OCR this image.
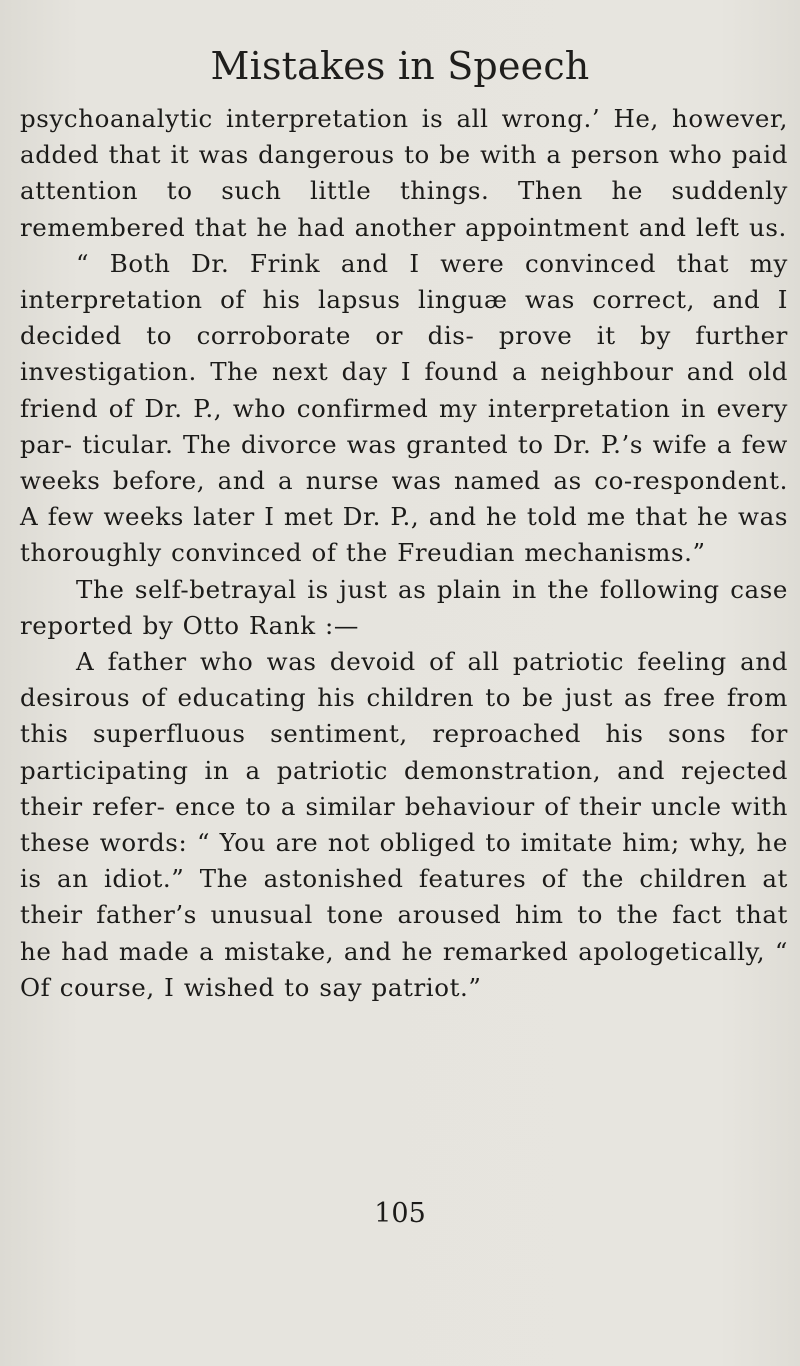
Mistakes in Speech

psychoanalytic interpretation is all wrong.’ He, however, added that it was dangerous to be with a person who paid attention to such little things. Then he suddenly remembered that he had another appointment and left us.

“ Both Dr. Frink and I were convinced that my interpretation of his lapsus linguæ was correct, and I decided to corroborate or dis- prove it by further investigation. The next day I found a neighbour and old friend of Dr. P., who confirmed my interpretation in every par- ticular. The divorce was granted to Dr. P.’s wife a few weeks before, and a nurse was named as co-respondent. A few weeks later I met Dr. P., and he told me that he was thoroughly convinced of the Freudian mechanisms.”

The self-betrayal is just as plain in the following case reported by Otto Rank :—

A father who was devoid of all patriotic feeling and desirous of educating his children to be just as free from this superfluous sentiment, reproached his sons for participating in a patriotic demonstration, and rejected their refer- ence to a similar behaviour of their uncle with these words: “ You are not obliged to imitate him; why, he is an idiot.” The astonished features of the children at their father’s unusual tone aroused him to the fact that he had made a mistake, and he remarked apologetically, “ Of course, I wished to say patriot.”

105
